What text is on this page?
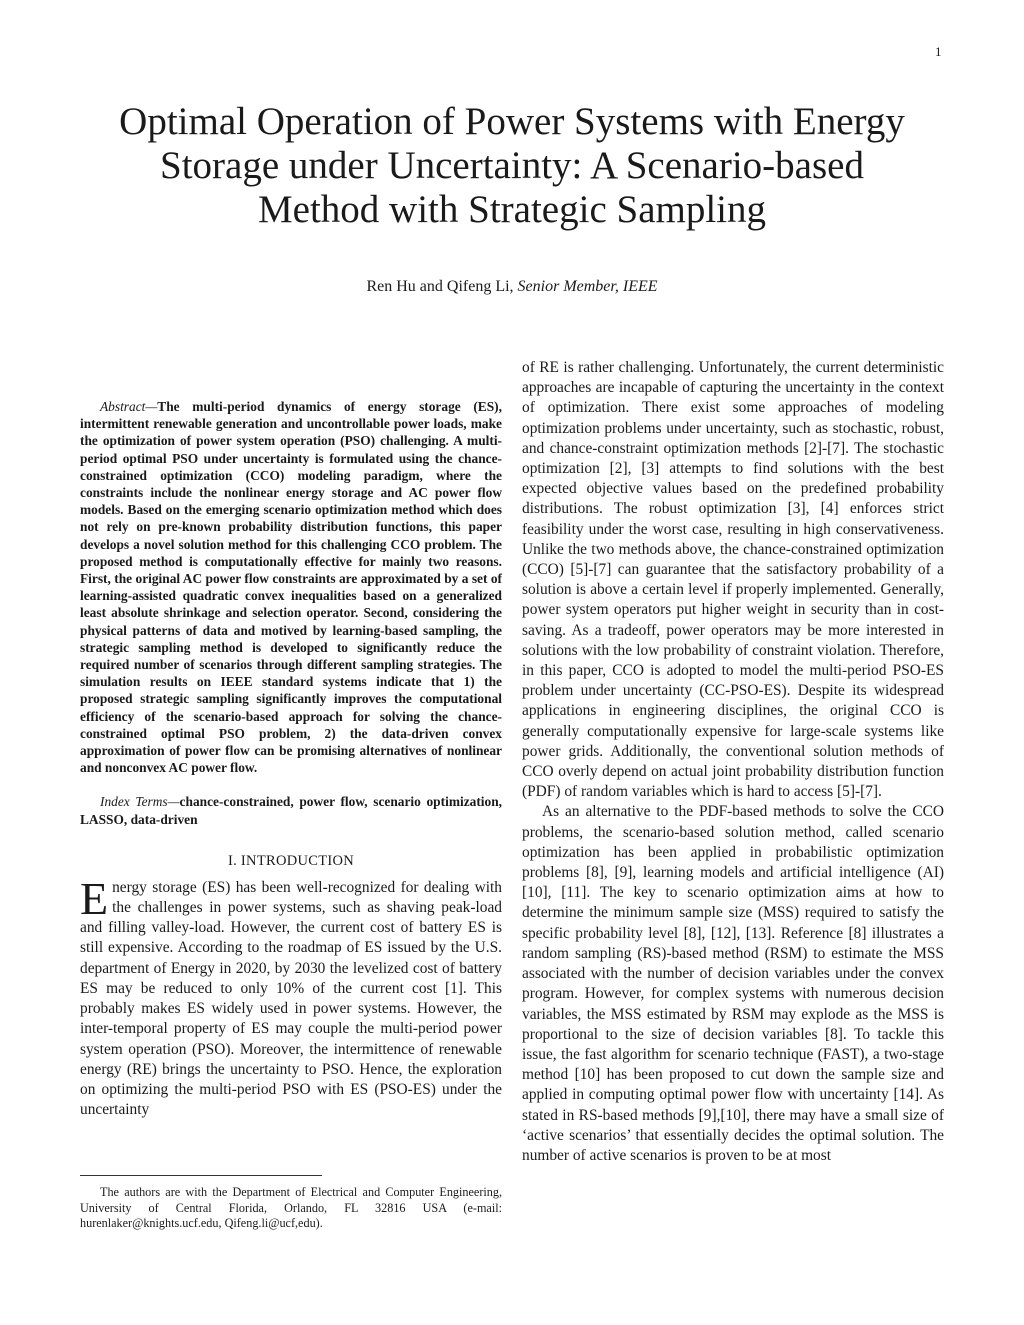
1
Optimal Operation of Power Systems with Energy Storage under Uncertainty: A Scenario-based Method with Strategic Sampling
Ren Hu and Qifeng Li, Senior Member, IEEE

Abstract—The multi-period dynamics of energy storage (ES), intermittent renewable generation and uncontrollable power loads, make the optimization of power system operation (PSO) challenging. A multi-period optimal PSO under uncertainty is formulated using the chance-constrained optimization (CCO) modeling paradigm, where the constraints include the nonlinear energy storage and AC power flow models. Based on the emerging scenario optimization method which does not rely on pre-known probability distribution functions, this paper develops a novel solution method for this challenging CCO problem. The proposed method is computationally effective for mainly two reasons. First, the original AC power flow constraints are approximated by a set of learning-assisted quadratic convex inequalities based on a generalized least absolute shrinkage and selection operator. Second, considering the physical patterns of data and motived by learning-based sampling, the strategic sampling method is developed to significantly reduce the required number of scenarios through different sampling strategies. The simulation results on IEEE standard systems indicate that 1) the proposed strategic sampling significantly improves the computational efficiency of the scenario-based approach for solving the chance-constrained optimal PSO problem, 2) the data-driven convex approximation of power flow can be promising alternatives of nonlinear and nonconvex AC power flow.

Index Terms—chance-constrained, power flow, scenario optimization, LASSO, data-driven

I. INTRODUCTION

Energy storage (ES) has been well-recognized for dealing with the challenges in power systems, such as shaving peak-load and filling valley-load. However, the current cost of battery ES is still expensive. According to the roadmap of ES issued by the U.S. department of Energy in 2020, by 2030 the levelized cost of battery ES may be reduced to only 10% of the current cost [1]. This probably makes ES widely used in power systems. However, the inter-temporal property of ES may couple the multi-period power system operation (PSO). Moreover, the intermittence of renewable energy (RE) brings the uncertainty to PSO. Hence, the exploration on optimizing the multi-period PSO with ES (PSO-ES) under the uncertainty

The authors are with the Department of Electrical and Computer Engineering, University of Central Florida, Orlando, FL 32816 USA (e-mail: hurenlaker@knights.ucf.edu, Qifeng.li@ucf,edu).

of RE is rather challenging. Unfortunately, the current deterministic approaches are incapable of capturing the uncertainty in the context of optimization. There exist some approaches of modeling optimization problems under uncertainty, such as stochastic, robust, and chance-constraint optimization methods [2]-[7]. The stochastic optimization [2], [3] attempts to find solutions with the best expected objective values based on the predefined probability distributions. The robust optimization [3], [4] enforces strict feasibility under the worst case, resulting in high conservativeness. Unlike the two methods above, the chance-constrained optimization (CCO) [5]-[7] can guarantee that the satisfactory probability of a solution is above a certain level if properly implemented. Generally, power system operators put higher weight in security than in cost-saving. As a tradeoff, power operators may be more interested in solutions with the low probability of constraint violation. Therefore, in this paper, CCO is adopted to model the multi-period PSO-ES problem under uncertainty (CC-PSO-ES). Despite its widespread applications in engineering disciplines, the original CCO is generally computationally expensive for large-scale systems like power grids. Additionally, the conventional solution methods of CCO overly depend on actual joint probability distribution function (PDF) of random variables which is hard to access [5]-[7].

As an alternative to the PDF-based methods to solve the CCO problems, the scenario-based solution method, called scenario optimization has been applied in probabilistic optimization problems [8], [9], learning models and artificial intelligence (AI) [10], [11]. The key to scenario optimization aims at how to determine the minimum sample size (MSS) required to satisfy the specific probability level [8], [12], [13]. Reference [8] illustrates a random sampling (RS)-based method (RSM) to estimate the MSS associated with the number of decision variables under the convex program. However, for complex systems with numerous decision variables, the MSS estimated by RSM may explode as the MSS is proportional to the size of decision variables [8]. To tackle this issue, the fast algorithm for scenario technique (FAST), a two-stage method [10] has been proposed to cut down the sample size and applied in computing optimal power flow with uncertainty [14]. As stated in RS-based methods [9],[10], there may have a small size of ‘active scenarios’ that essentially decides the optimal solution. The number of active scenarios is proven to be at most
